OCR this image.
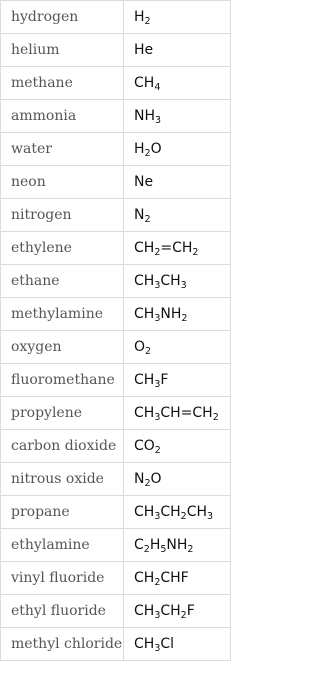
hydrogen	$H_2$
helium	He
methane	$CH_4$
ammonia	$NH_3$
water	$H_2O$
neon	Ne
nitrogen	$N_2$
ethylene	$CH_2=CH_2$
ethane	$CH_3CH_3$
methylamine	$CH_3NH_2$
oxygen	$O_2$
fluoromethane	$CH_3F$
propylene	$CH_3CH=CH_2$
carbon dioxide	$CO_2$
nitrous oxide	$N_2O$
propane	$CH_3CH_2CH_3$
ethylamine	$C_2H_5NH_2$
vinyl fluoride	$CH_2CHF$
ethyl fluoride	$CH_3CH_2F$
methyl chloride	$CH_3Cl$
